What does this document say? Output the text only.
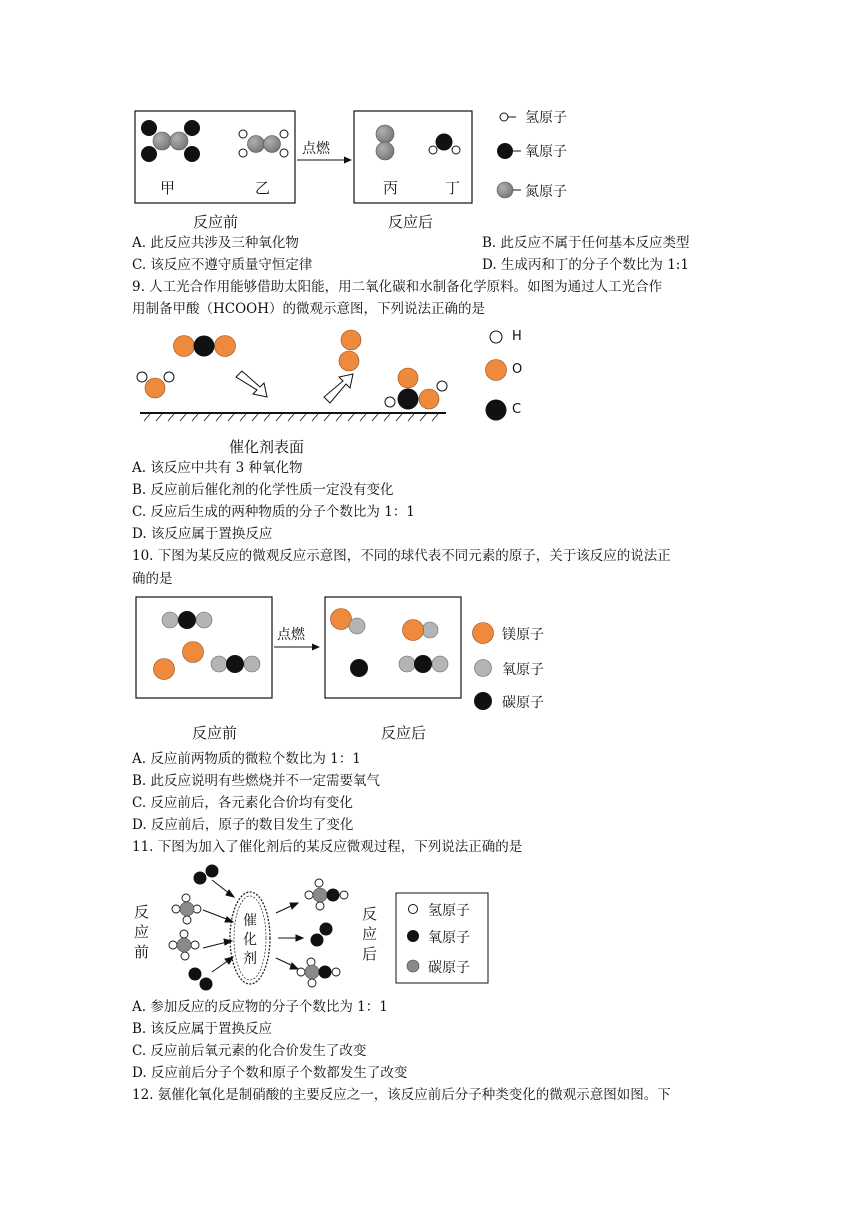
甲	乙
点燃
丙	丁
反应前	反应后
氢原子
氧原子
氮原子
A. 此反应共涉及三种氧化物	B. 此反应不属于任何基本反应类型
C. 该反应不遵守质量守恒定律	D. 生成丙和丁的分子个数比为 1:1
9. 人工光合作用能够借助太阳能，用二氧化碳和水制备化学原料。如图为通过人工光合作
用制备甲酸（HCOOH）的微观示意图，下列说法正确的是
H
O
C
催化剂表面
A. 该反应中共有 3 种氧化物
B. 反应前后催化剂的化学性质一定没有变化
C. 反应后生成的两种物质的分子个数比为 1：1
D. 该反应属于置换反应
10. 下图为某反应的微观反应示意图，不同的球代表不同元素的原子，关于该反应的说法正
确的是
点燃	镁原子
氧原子
碳原子
反应前	反应后
A. 反应前两物质的微粒个数比为 1：1
B. 此反应说明有些燃烧并不一定需要氧气
C. 反应前后，各元素化合价均有变化
D. 反应前后，原子的数目发生了变化
11. 下图为加入了催化剂后的某反应微观过程，下列说法正确的是
反
应
前
催
化
剂
反
应
后
氢原子
氧原子
碳原子
A. 参加反应的反应物的分子个数比为 1：1
B. 该反应属于置换反应
C. 反应前后氧元素的化合价发生了改变
D. 反应前后分子个数和原子个数都发生了改变
12. 氨催化氧化是制硝酸的主要反应之一，该反应前后分子种类变化的微观示意图如图。下
